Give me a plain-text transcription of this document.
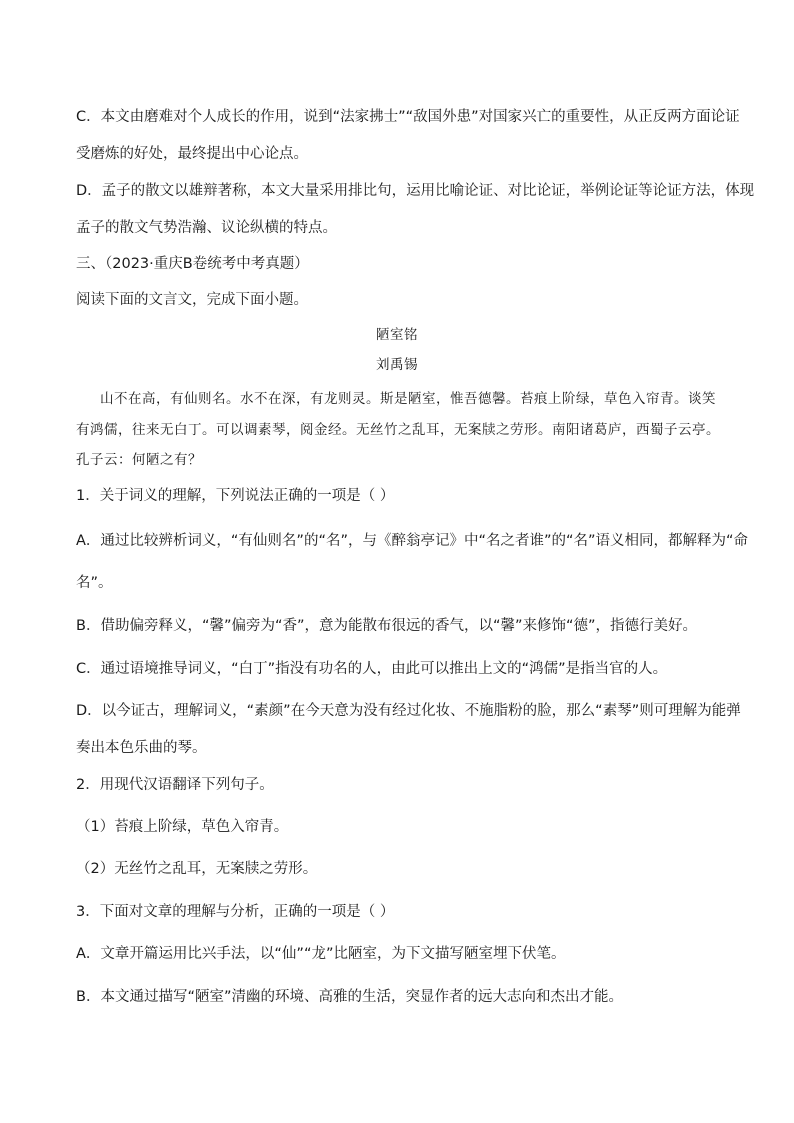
C．本文由磨难对个人成长的作用，说到“法家拂士”“敌国外患”对国家兴亡的重要性，从正反两方面论证
受磨炼的好处，最终提出中心论点。
D．孟子的散文以雄辩著称，本文大量采用排比句，运用比喻论证、对比论证，举例论证等论证方法，体现
孟子的散文气势浩瀚、议论纵横的特点。
三、（2023·重庆B卷统考中考真题）
阅读下面的文言文，完成下面小题。
陋室铭
刘禹锡
山不在高，有仙则名。水不在深，有龙则灵。斯是陋室，惟吾德馨。苔痕上阶绿，草色入帘青。谈笑
有鸿儒，往来无白丁。可以调素琴，阅金经。无丝竹之乱耳，无案牍之劳形。南阳诸葛庐，西蜀子云亭。
孔子云：何陋之有？
1．关于词义的理解，下列说法正确的一项是（ ）
A．通过比较辨析词义，“有仙则名”的“名”，与《醉翁亭记》中“名之者谁”的“名”语义相同，都解释为“命
名”。
B．借助偏旁释义，“馨”偏旁为“香”，意为能散布很远的香气，以“馨”来修饰“德”，指德行美好。
C．通过语境推导词义，“白丁”指没有功名的人，由此可以推出上文的“鸿儒”是指当官的人。
D．以今证古，理解词义，“素颜”在今天意为没有经过化妆、不施脂粉的脸，那么“素琴”则可理解为能弹
奏出本色乐曲的琴。
2．用现代汉语翻译下列句子。
（1）苔痕上阶绿，草色入帘青。
（2）无丝竹之乱耳，无案牍之劳形。
3．下面对文章的理解与分析，正确的一项是（ ）
A．文章开篇运用比兴手法，以“仙”“龙”比陋室，为下文描写陋室埋下伏笔。
B．本文通过描写“陋室”清幽的环境、高雅的生活，突显作者的远大志向和杰出才能。
